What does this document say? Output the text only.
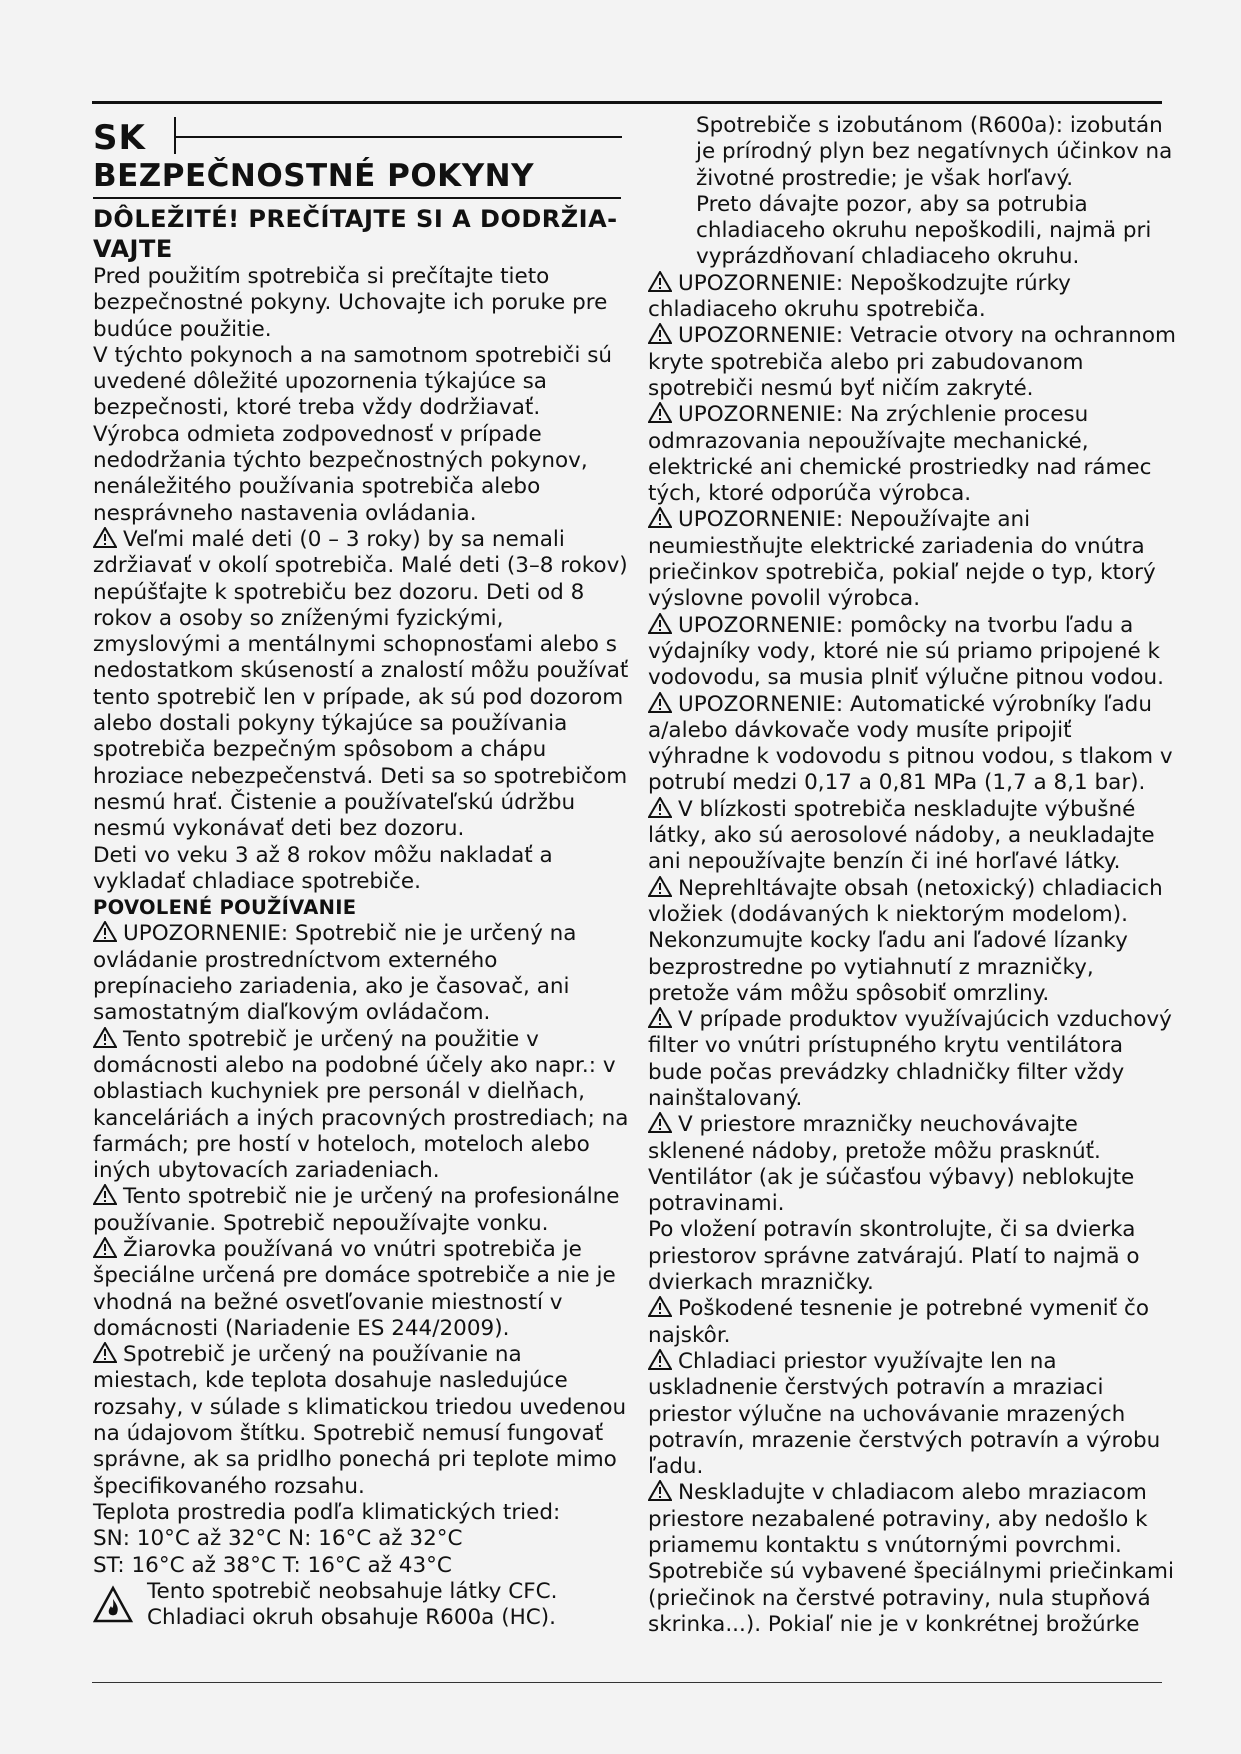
SK
BEZPEČNOSTNÉ POKYNY
DÔLEŽITÉ! PREČÍTAJTE SI A DODRŽIA-VAJTE

Pred použitím spotrebiča si prečítajte tieto bezpečnostné pokyny. Uchovajte ich poruke pre budúce použitie.

V týchto pokynoch a na samotnom spotrebiči sú uvedené dôležité upozornenia týkajúce sa bezpečnosti, ktoré treba vždy dodržiavať. Výrobca odmieta zodpovednosť v prípade nedodržania týchto bezpečnostných pokynov, nenáležitého používania spotrebiča alebo nesprávneho nastavenia ovládania.

Veľmi malé deti (0 – 3 roky) by sa nemali zdržiavať v okolí spotrebiča. Malé deti (3–8 rokov) nepúšťajte k spotrebiču bez dozoru. Deti od 8 rokov a osoby so zníženými fyzickými, zmyslovými a mentálnymi schopnosťami alebo s nedostatkom skúseností a znalostí môžu používať tento spotrebič len v prípade, ak sú pod dozorom alebo dostali pokyny týkajúce sa používania spotrebiča bezpečným spôsobom a chápu hroziace nebezpečenstvá. Deti sa so spotrebičom nesmú hrať. Čistenie a používateľskú údržbu nesmú vykonávať deti bez dozoru.

Deti vo veku 3 až 8 rokov môžu nakladať a vykladať chladiace spotrebiče.

POVOLENÉ POUŽÍVANIE

UPOZORNENIE: Spotrebič nie je určený na ovládanie prostredníctvom externého prepínacieho zariadenia, ako je časovač, ani samostatným diaľkovým ovládačom.

Tento spotrebič je určený na použitie v domácnosti alebo na podobné účely ako napr.: v oblastiach kuchyniek pre personál v dielňach, kanceláriách a iných pracovných prostrediach; na farmách; pre hostí v hoteloch, moteloch alebo iných ubytovacích zariadeniach.

Tento spotrebič nie je určený na profesionálne používanie. Spotrebič nepoužívajte vonku.

Žiarovka používaná vo vnútri spotrebiča je špeciálne určená pre domáce spotrebiče a nie je vhodná na bežné osvetľovanie miestností v domácnosti (Nariadenie ES 244/2009).

Spotrebič je určený na používanie na miestach, kde teplota dosahuje nasledujúce rozsahy, v súlade s klimatickou triedou uvedenou na údajovom štítku. Spotrebič nemusí fungovať správne, ak sa pridlho ponechá pri teplote mimo špecifikovaného rozsahu.

Teplota prostredia podľa klimatických tried:

SN: 10°C až 32°C N: 16°C až 32°C

ST: 16°C až 38°C T: 16°C až 43°C

Tento spotrebič neobsahuje látky CFC.

Chladiaci okruh obsahuje R600a (HC).

Spotrebiče s izobutánom (R600a): izobután je prírodný plyn bez negatívnych účinkov na životné prostredie; je však horľavý.

Preto dávajte pozor, aby sa potrubia chladiaceho okruhu nepoškodili, najmä pri vyprázdňovaní chladiaceho okruhu.

UPOZORNENIE: Nepoškodzujte rúrky chladiaceho okruhu spotrebiča.

UPOZORNENIE: Vetracie otvory na ochrannom kryte spotrebiča alebo pri zabudovanom spotrebiči nesmú byť ničím zakryté.

UPOZORNENIE: Na zrýchlenie procesu odmrazovania nepoužívajte mechanické, elektrické ani chemické prostriedky nad rámec tých, ktoré odporúča výrobca.

UPOZORNENIE: Nepoužívajte ani neumiestňujte elektrické zariadenia do vnútra priečinkov spotrebiča, pokiaľ nejde o typ, ktorý výslovne povolil výrobca.

UPOZORNENIE: pomôcky na tvorbu ľadu a výdajníky vody, ktoré nie sú priamo pripojené k vodovodu, sa musia plniť výlučne pitnou vodou.

UPOZORNENIE: Automatické výrobníky ľadu a/alebo dávkovače vody musíte pripojiť výhradne k vodovodu s pitnou vodou, s tlakom v potrubí medzi 0,17 a 0,81 MPa (1,7 a 8,1 bar).

V blízkosti spotrebiča neskladujte výbušné látky, ako sú aerosolové nádoby, a neukladajte ani nepoužívajte benzín či iné horľavé látky.

Neprehltávajte obsah (netoxický) chladiacich vložiek (dodávaných k niektorým modelom). Nekonzumujte kocky ľadu ani ľadové lízanky bezprostredne po vytiahnutí z mrazničky, pretože vám môžu spôsobiť omrzliny.

V prípade produktov využívajúcich vzduchový filter vo vnútri prístupného krytu ventilátora bude počas prevádzky chladničky filter vždy nainštalovaný.

V priestore mrazničky neuchovávajte sklenené nádoby, pretože môžu prasknúť.

Ventilátor (ak je súčasťou výbavy) neblokujte potravinami.

Po vložení potravín skontrolujte, či sa dvierka priestorov správne zatvárajú. Platí to najmä o dvierkach mrazničky.

Poškodené tesnenie je potrebné vymeniť čo najskôr.

Chladiaci priestor využívajte len na uskladnenie čerstvých potravín a mraziaci priestor výlučne na uchovávanie mrazených potravín, mrazenie čerstvých potravín a výrobu ľadu.

Neskladujte v chladiacom alebo mraziacom priestore nezabalené potraviny, aby nedošlo k priamemu kontaktu s vnútornými povrchmi.

Spotrebiče sú vybavené špeciálnymi priečinkami (priečinok na čerstvé potraviny, nula stupňová skrinka...). Pokiaľ nie je v konkrétnej brožúrke
